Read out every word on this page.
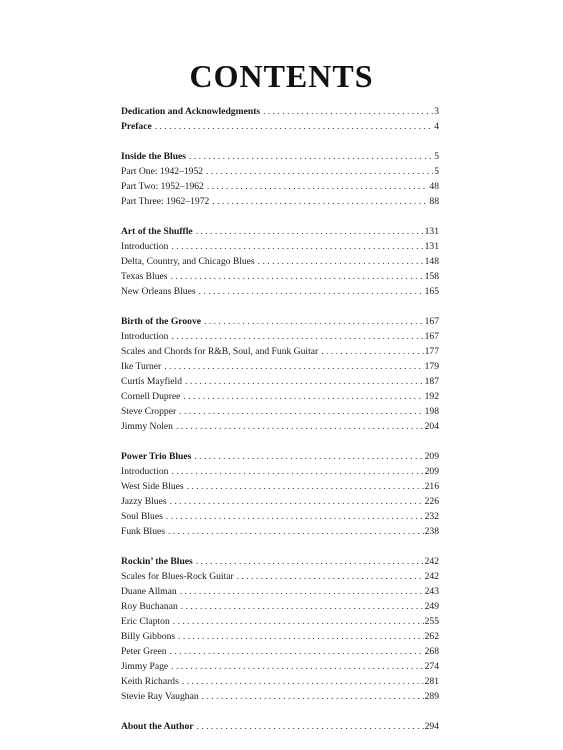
CONTENTS
Dedication and Acknowledgments . . .	3
Preface . . .	4
Inside the Blues . . .	5
Part One: 1942–1952 . . .	5
Part Two: 1952–1962 . . .	48
Part Three: 1962–1972 . . .	88
Art of the Shuffle . . .	131
Introduction . . .	131
Delta, Country, and Chicago Blues . . .	148
Texas Blues . . .	158
New Orleans Blues . . .	165
Birth of the Groove . . .	167
Introduction . . .	167
Scales and Chords for R&B, Soul, and Funk Guitar . . .	177
Ike Turner . . .	179
Curtis Mayfield . . .	187
Cornell Dupree . . .	192
Steve Cropper . . .	198
Jimmy Nolen . . .	204
Power Trio Blues . . .	209
Introduction . . .	209
West Side Blues . . .	216
Jazzy Blues . . .	226
Soul Blues . . .	232
Funk Blues . . .	238
Rockin’ the Blues . . .	242
Scales for Blues-Rock Guitar . . .	242
Duane Allman . . .	243
Roy Buchanan . . .	249
Eric Clapton . . .	255
Billy Gibbons . . .	262
Peter Green . . .	268
Jimmy Page . . .	274
Keith Richards . . .	281
Stevie Ray Vaughan . . .	289
About the Author . . .	294
